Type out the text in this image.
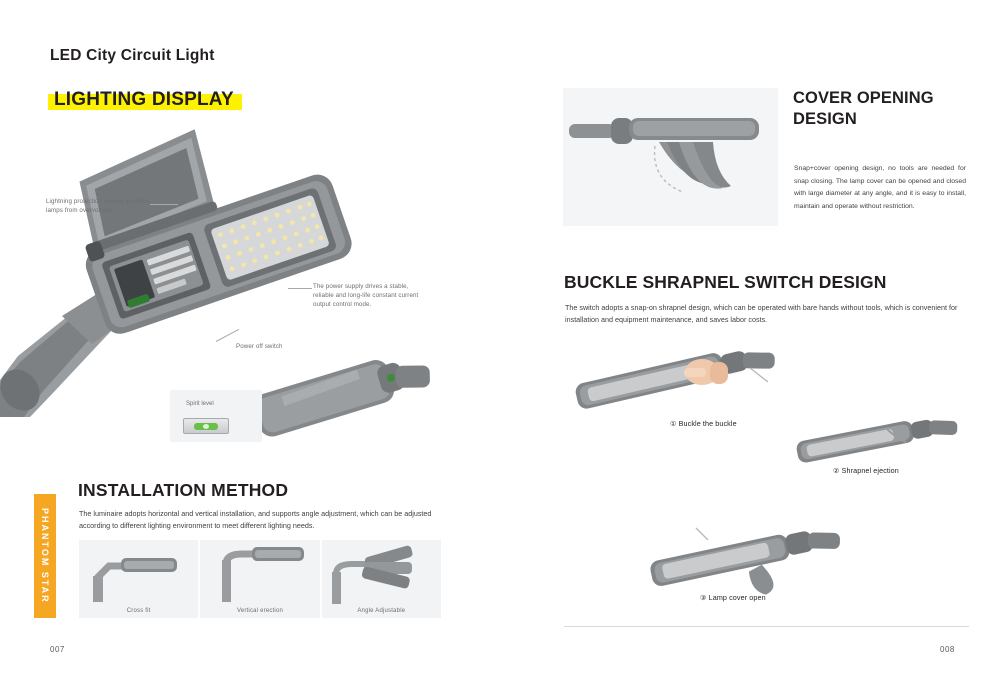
LED City Circuit Light
LIGHTING DISPLAY
Lightning protection module protects lamps from overvoltage
The power supply drives a stable, reliable and long-life constant current output control mode.
Power off switch
Spirit level
PHANTOM STAR
INSTALLATION METHOD
The luminaire adopts horizontal and vertical installation, and supports angle adjustment, which can be adjusted according to different lighting environment to meet different lighting needs.
Cross fit	Vertical erection	Angle Adjustable
007
COVER OPENING DESIGN
Snap+cover opening design, no tools are needed for snap closing. The lamp cover can be opened and closed with large diameter at any angle, and it is easy to install, maintain and operate without restriction.
BUCKLE SHRAPNEL SWITCH DESIGN
The switch adopts a snap-on shrapnel design, which can be operated with bare hands without tools, which is convenient for installation and equipment maintenance, and saves labor costs.
① Buckle the buckle
② Shrapnel ejection
③ Lamp cover open
008
